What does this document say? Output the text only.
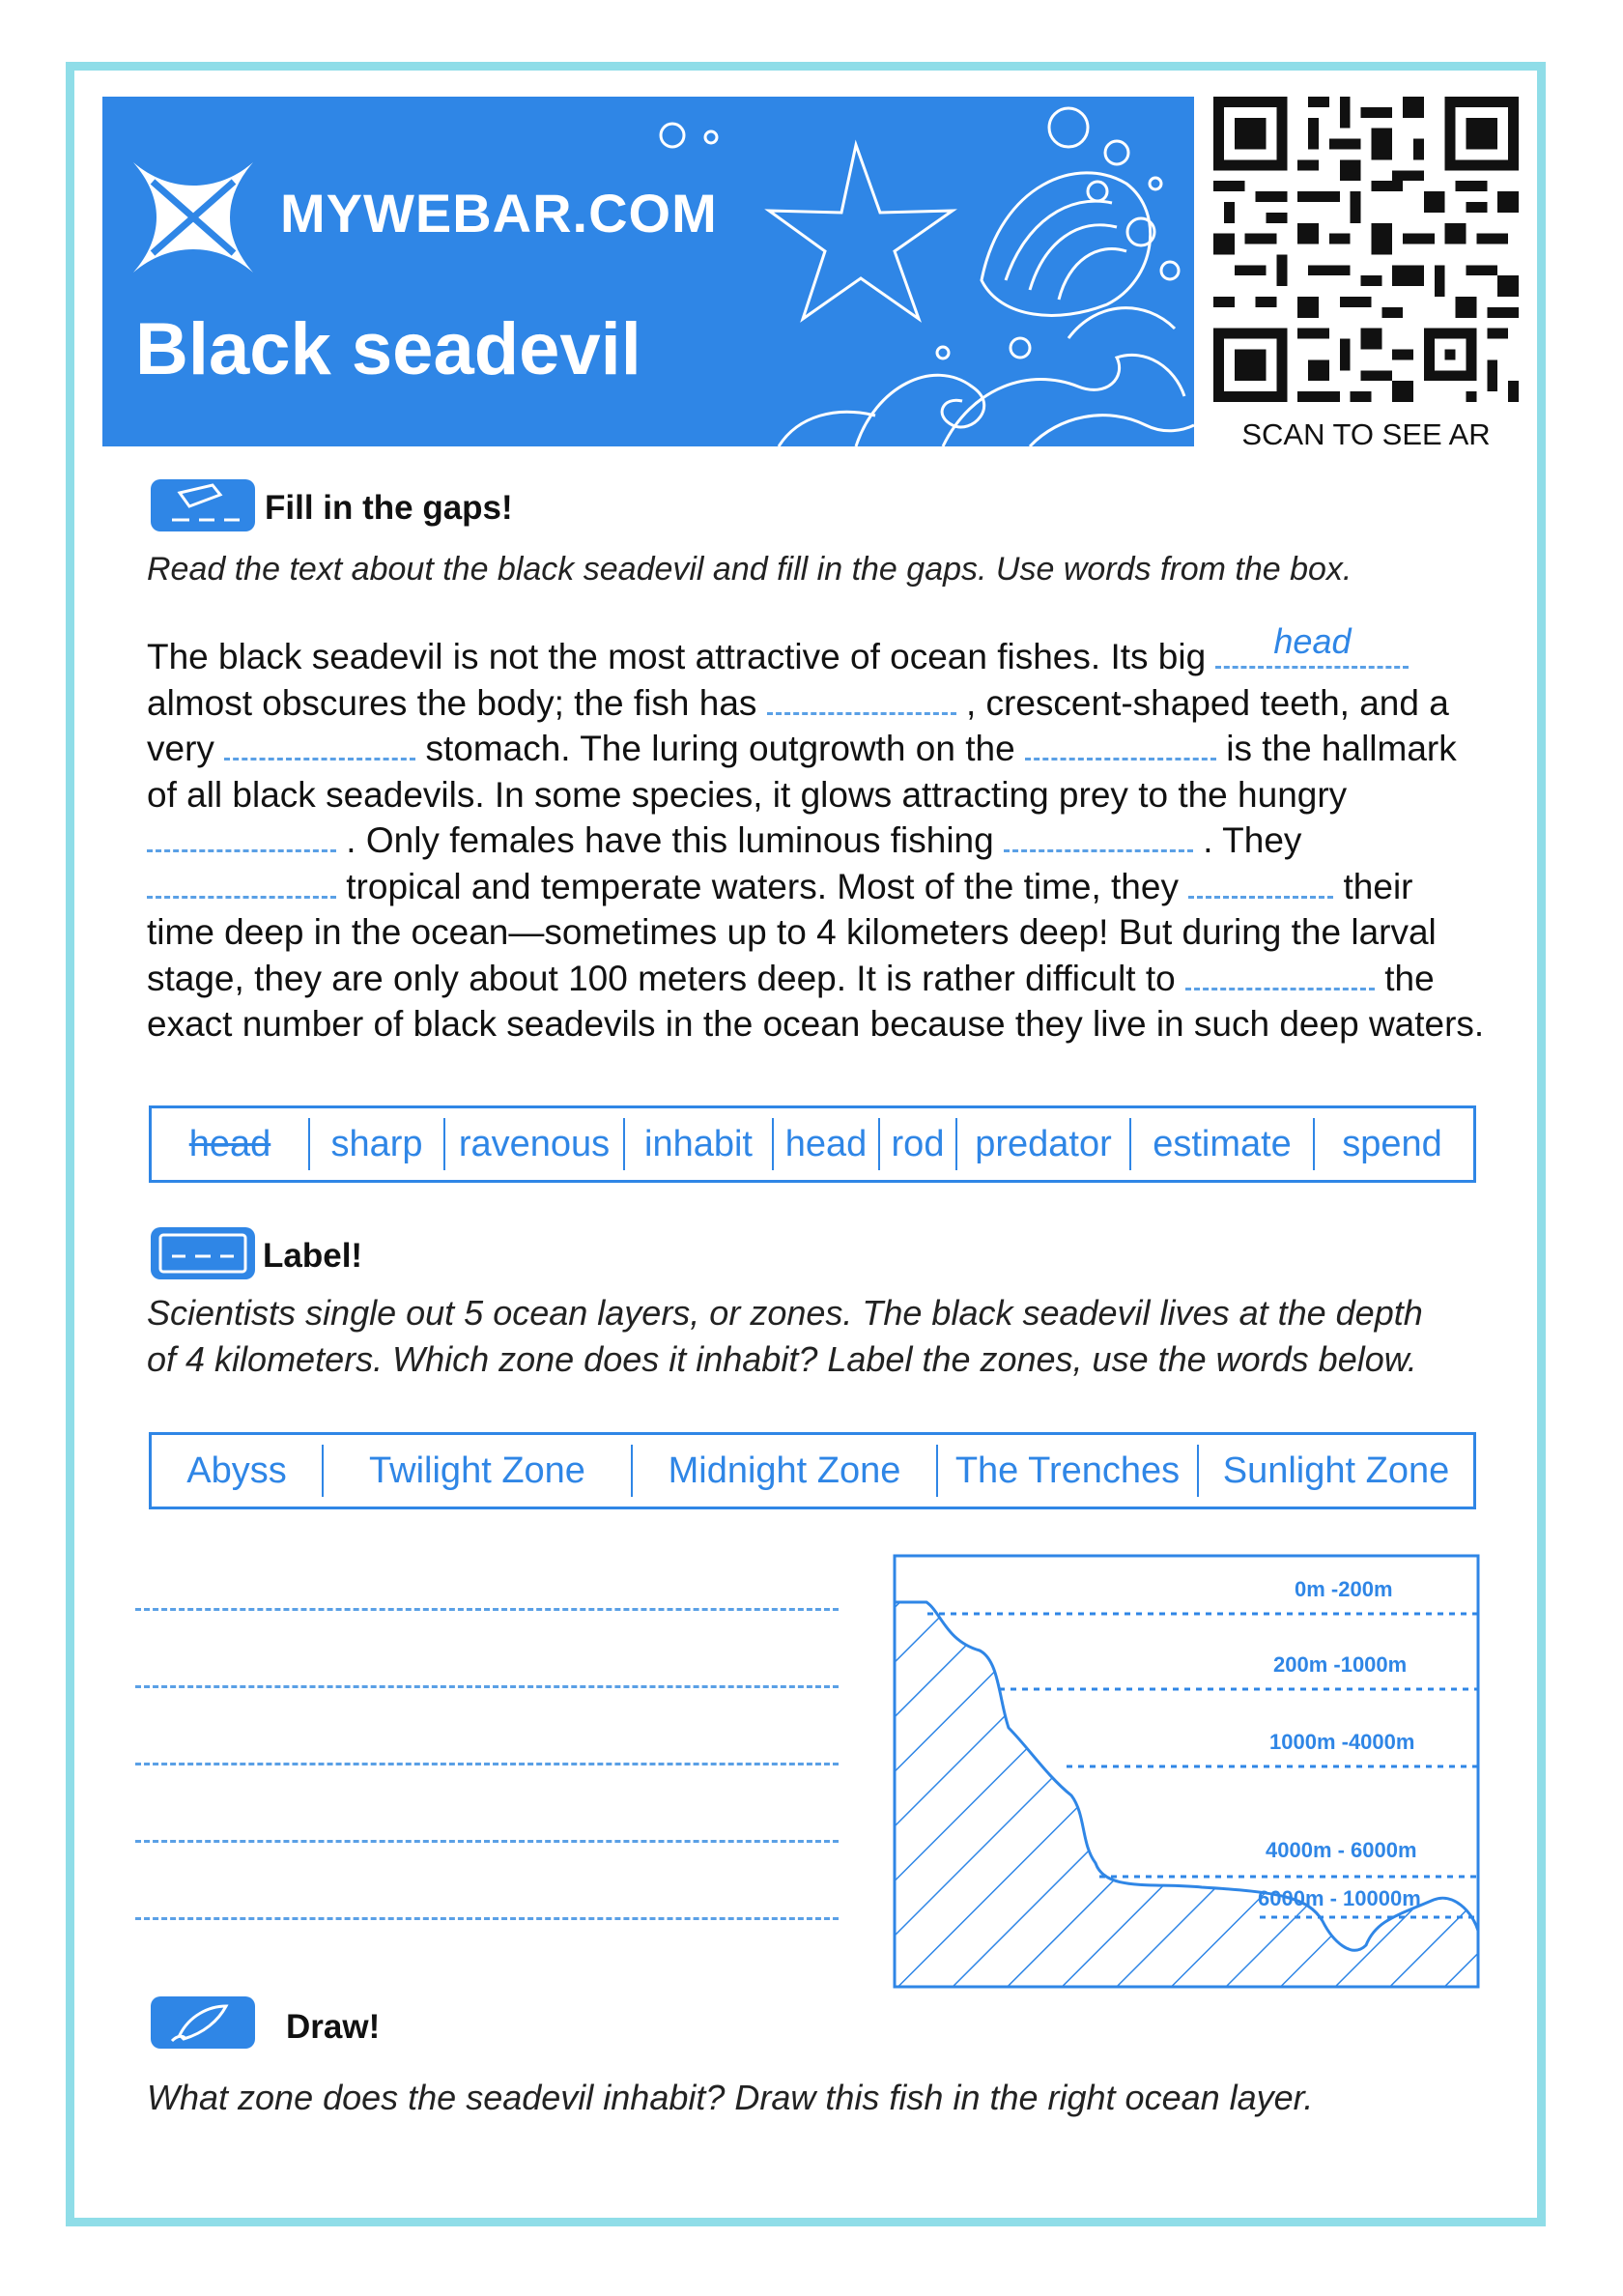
MYWEBAR.COM
Black seadevil
SCAN TO SEE AR
Fill in the gaps!
Read the text about the black seadevil and fill in the gaps. Use words from the box.
The black seadevil is not the most attractive of ocean fishes. Its big	head
almost obscures the body; the fish has	, crescent-shaped teeth, and a very	stomach. The luring outgrowth on the	is the hallmark of all black seadevils. In some species, it glows attracting prey to the hungry  . Only females have this luminous fishing	. They  tropical and temperate waters. Most of the time, they	their time deep in the ocean—sometimes up to 4 kilometers deep! But during the larval stage, they are only about 100 meters deep. It is rather difficult to	the exact number of black seadevils in the ocean because they live in such deep waters.
head	sharp ravenous inhabit head rod predator	estimate	spend
Label!
Scientists single out 5 ocean layers, or zones. The black seadevil lives at the depth
of 4 kilometers. Which zone does it inhabit? Label the zones, use the words below.
Abyss	Twilight Zone	Midnight Zone	The Trenches	Sunlight Zone
0m -200m
200m -1000m
1000m -4000m
4000m - 6000m
6000m - 10000m
Draw!
What zone does the seadevil inhabit? Draw this fish in the right ocean layer.
